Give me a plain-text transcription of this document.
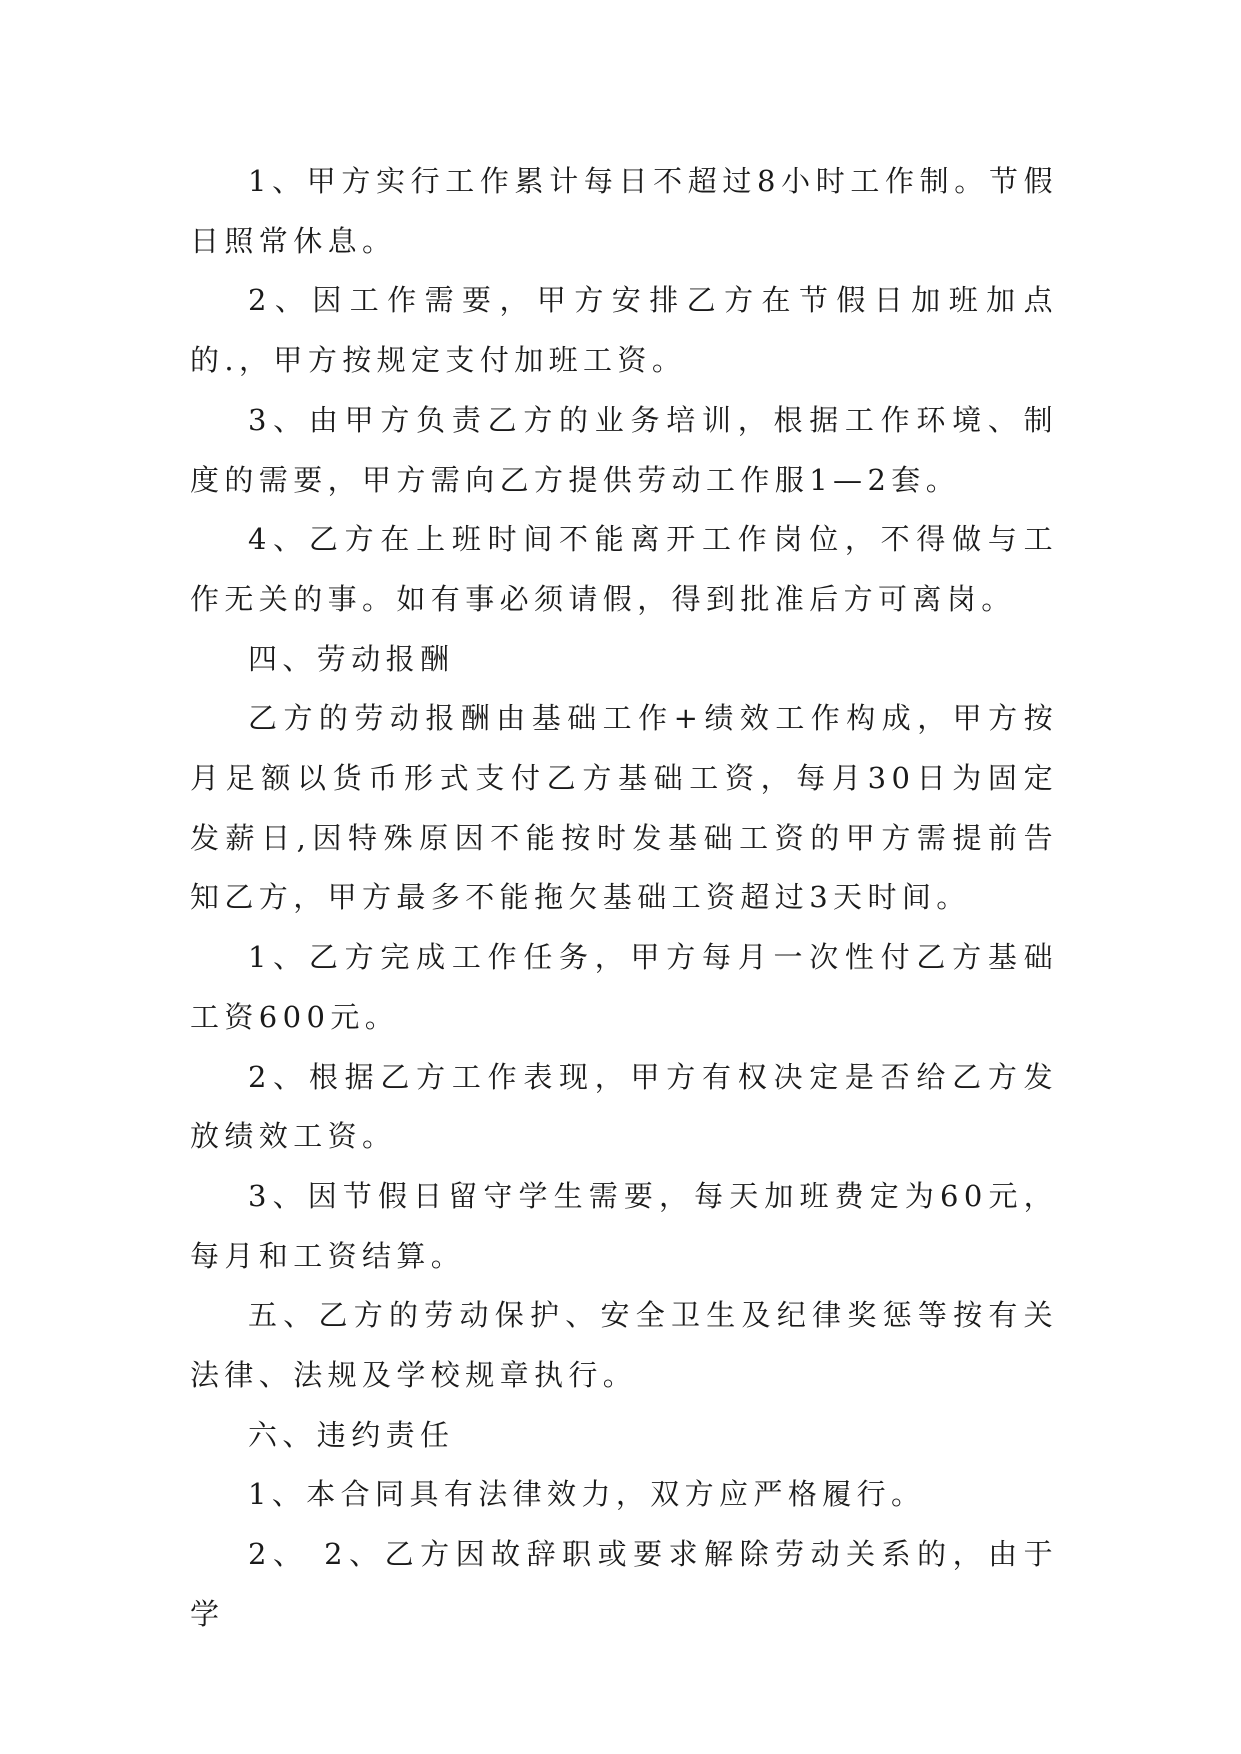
1、甲方实行工作累计每日不超过8小时工作制。节假日照常休息。

2、因工作需要，甲方安排乙方在节假日加班加点的.，甲方按规定支付加班工资。

3、由甲方负责乙方的业务培训，根据工作环境、制度的需要，甲方需向乙方提供劳动工作服1—2套。

4、乙方在上班时间不能离开工作岗位，不得做与工作无关的事。如有事必须请假，得到批准后方可离岗。

四、劳动报酬

乙方的劳动报酬由基础工作+绩效工作构成，甲方按月足额以货币形式支付乙方基础工资，每月30日为固定发薪日,因特殊原因不能按时发基础工资的甲方需提前告知乙方，甲方最多不能拖欠基础工资超过3天时间。

1、乙方完成工作任务，甲方每月一次性付乙方基础工资600元。

2、根据乙方工作表现，甲方有权决定是否给乙方发放绩效工资。

3、因节假日留守学生需要，每天加班费定为60元，每月和工资结算。

五、乙方的劳动保护、安全卫生及纪律奖惩等按有关法律、法规及学校规章执行。

六、违约责任

1、本合同具有法律效力，双方应严格履行。

2、 2、乙方因故辞职或要求解除劳动关系的，由于学
